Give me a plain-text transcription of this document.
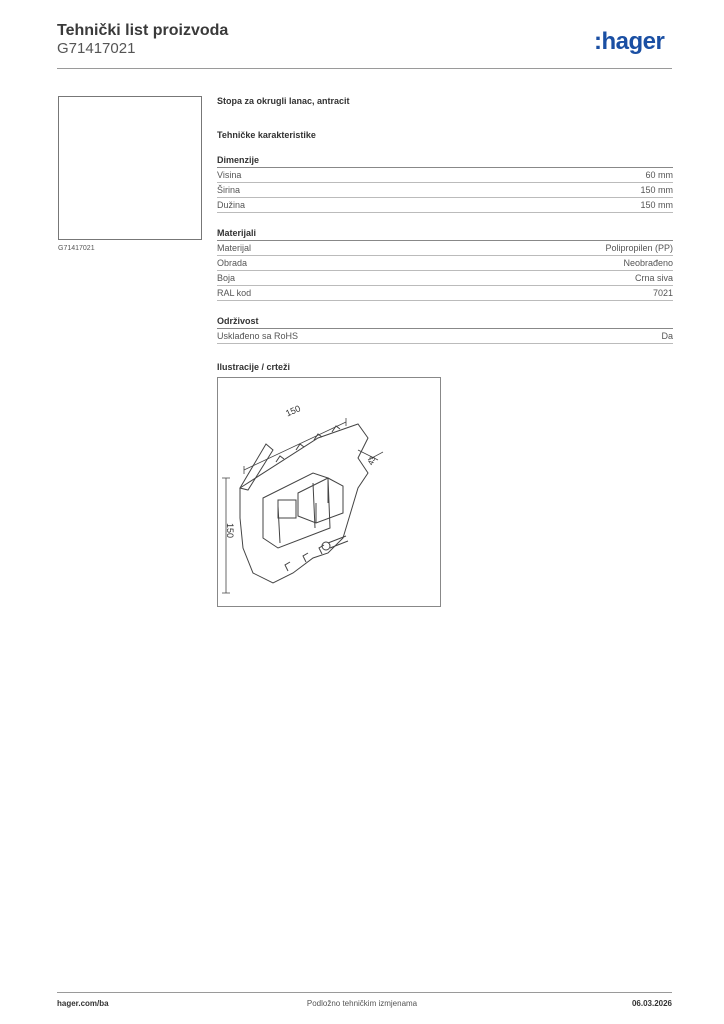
Tehnički list proizvoda
G71417021	:hager
G71417021
Stopa za okrugli lanac, antracit
Tehničke karakteristike
Dimenzije
Visina	60 mm
Širina	150 mm
Dužina	150 mm
Materijali
Materijal	Polipropilen (PP)
Obrada	Neobrađeno
Boja	Crna siva
RAL kod	7021
Održivost
Usklađeno sa RoHS	Da
Ilustracije / crteži
150
150
43
hager.com/ba	Podložno tehničkim izmjenama	06.03.2026
